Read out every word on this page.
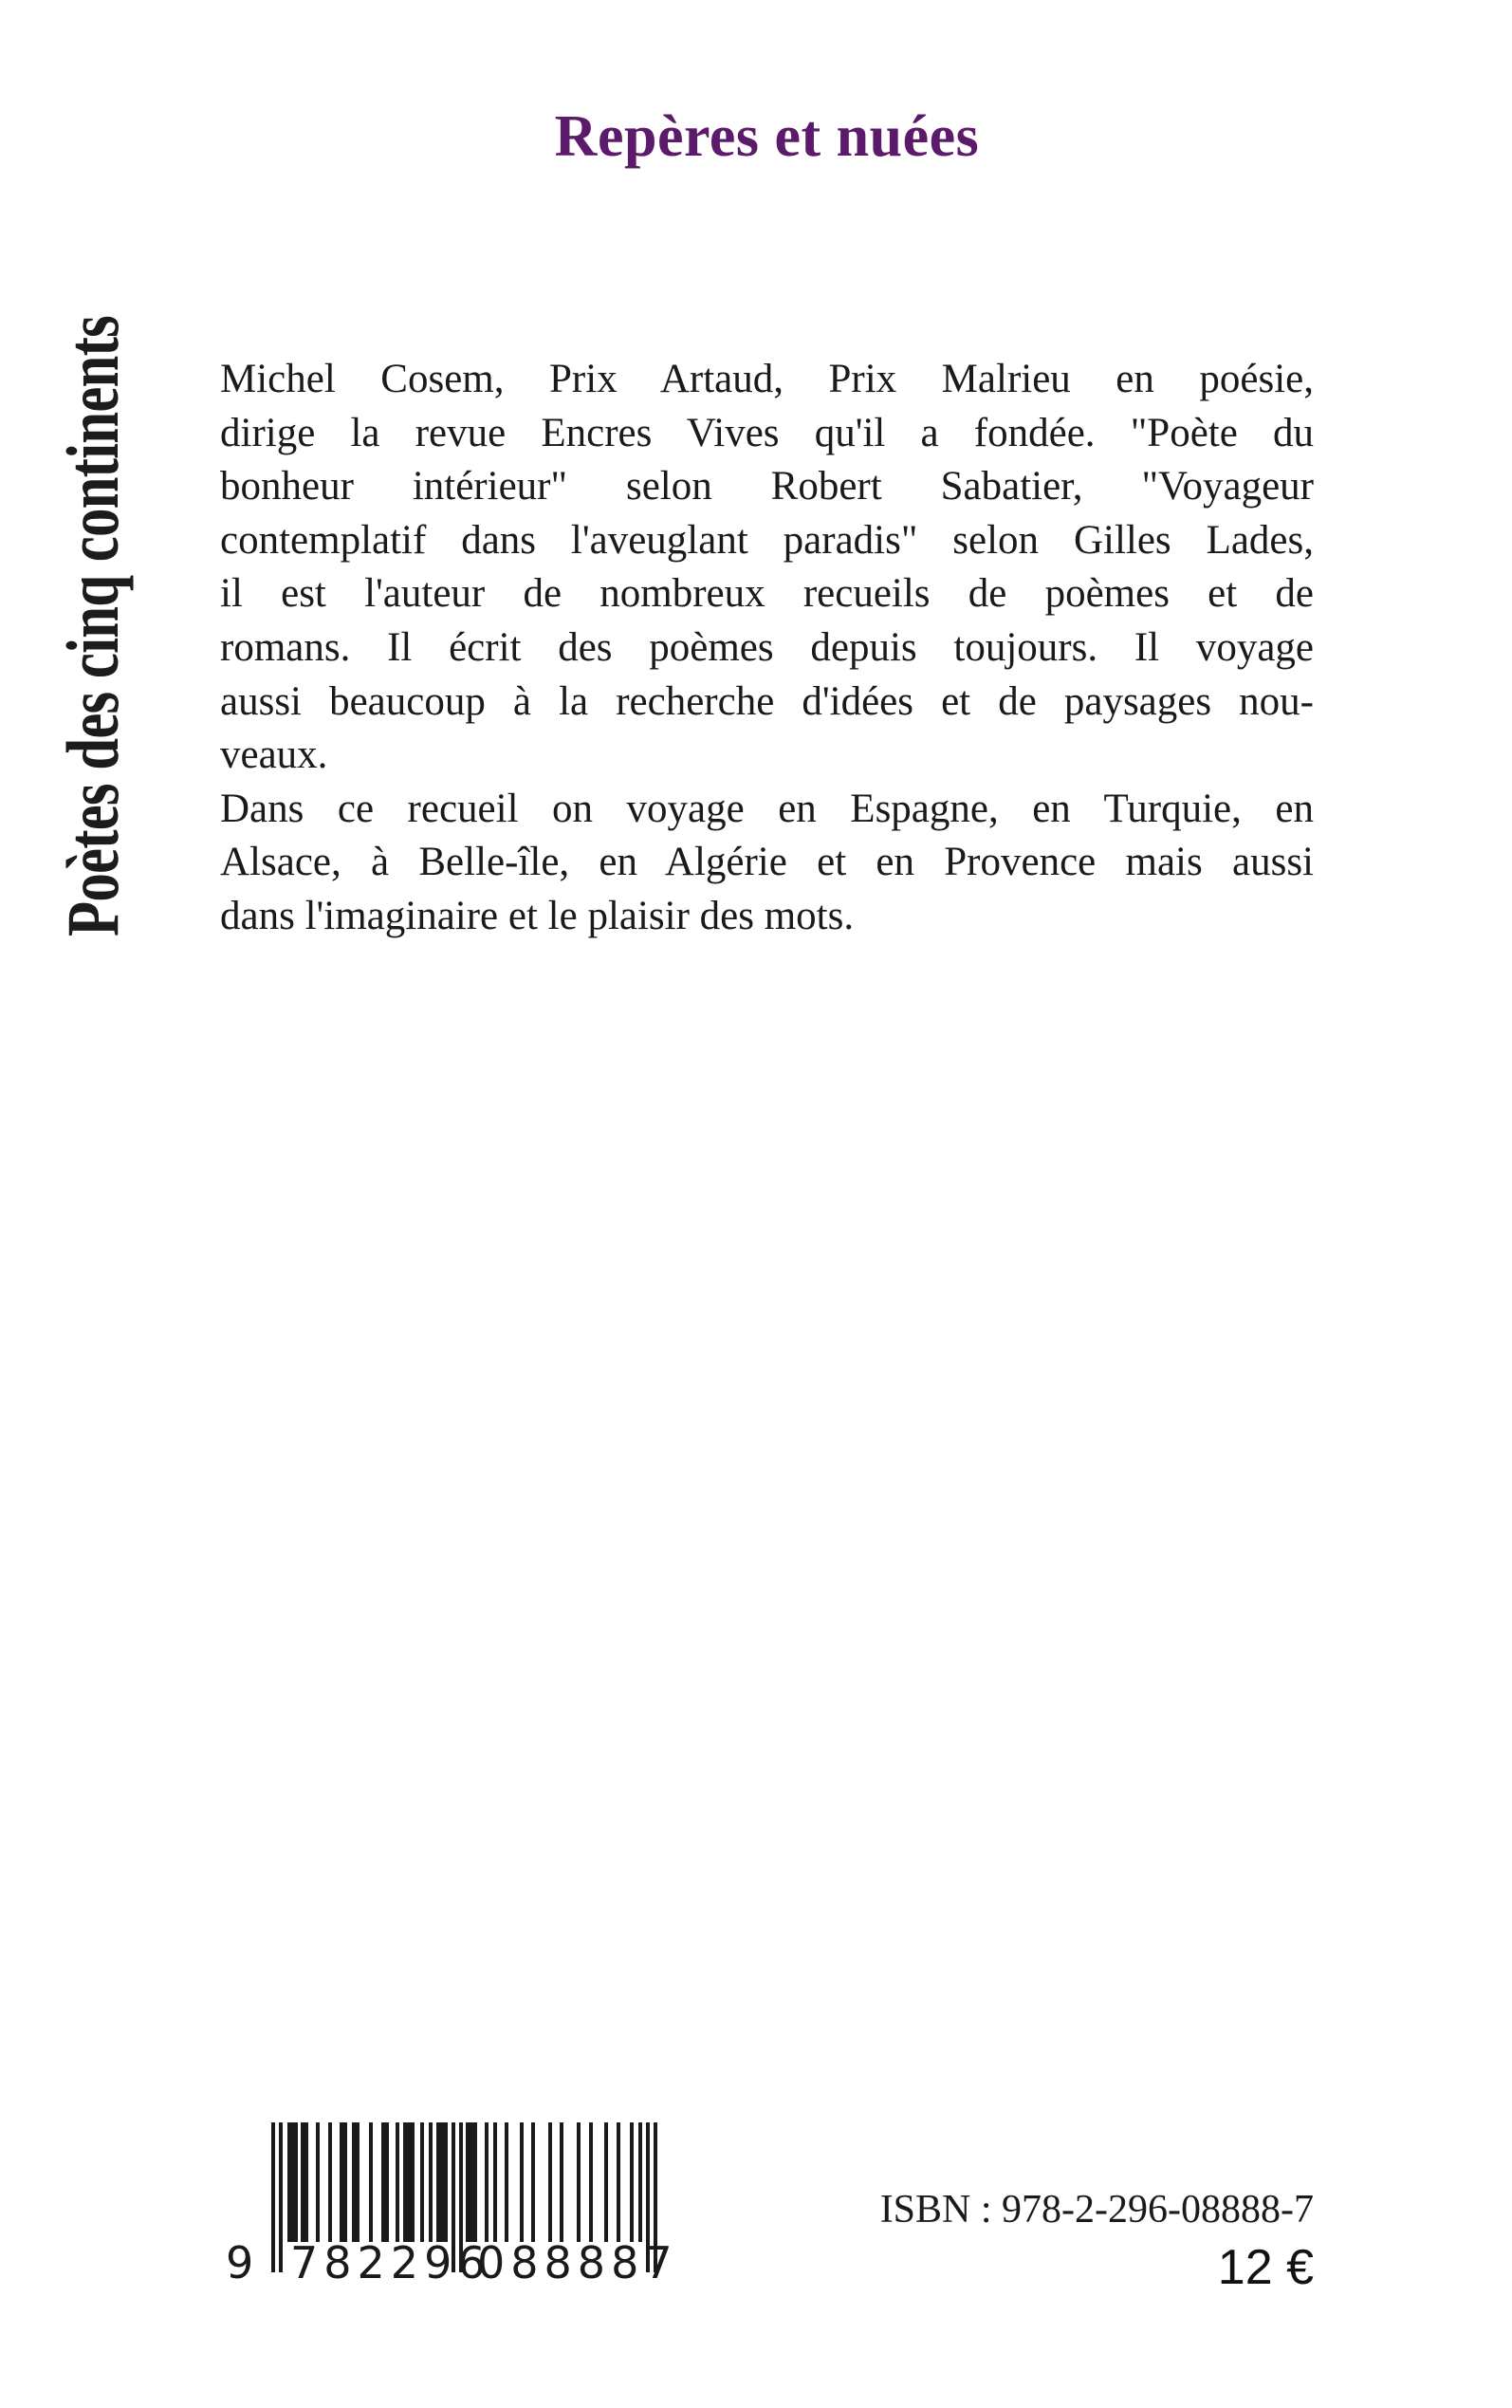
Poètes des cinq continents
Repères et nuées
Michel Cosem, Prix Artaud, Prix Malrieu en poésie,
dirige la revue Encres Vives qu'il a fondée. "Poète du
bonheur intérieur" selon Robert Sabatier, "Voyageur
contemplatif dans l'aveuglant paradis" selon Gilles Lades,
il est l'auteur de nombreux recueils de poèmes et de
romans. Il écrit des poèmes depuis toujours. Il voyage
aussi beaucoup à la recherche d'idées et de paysages nou-
veaux.
Dans ce recueil on voyage en Espagne, en Turquie, en
Alsace, à Belle-île, en Algérie et en Provence mais aussi
dans l'imaginaire et le plaisir des mots.
9 782296
088887
ISBN : 978-2-296-08888-7
12 €
